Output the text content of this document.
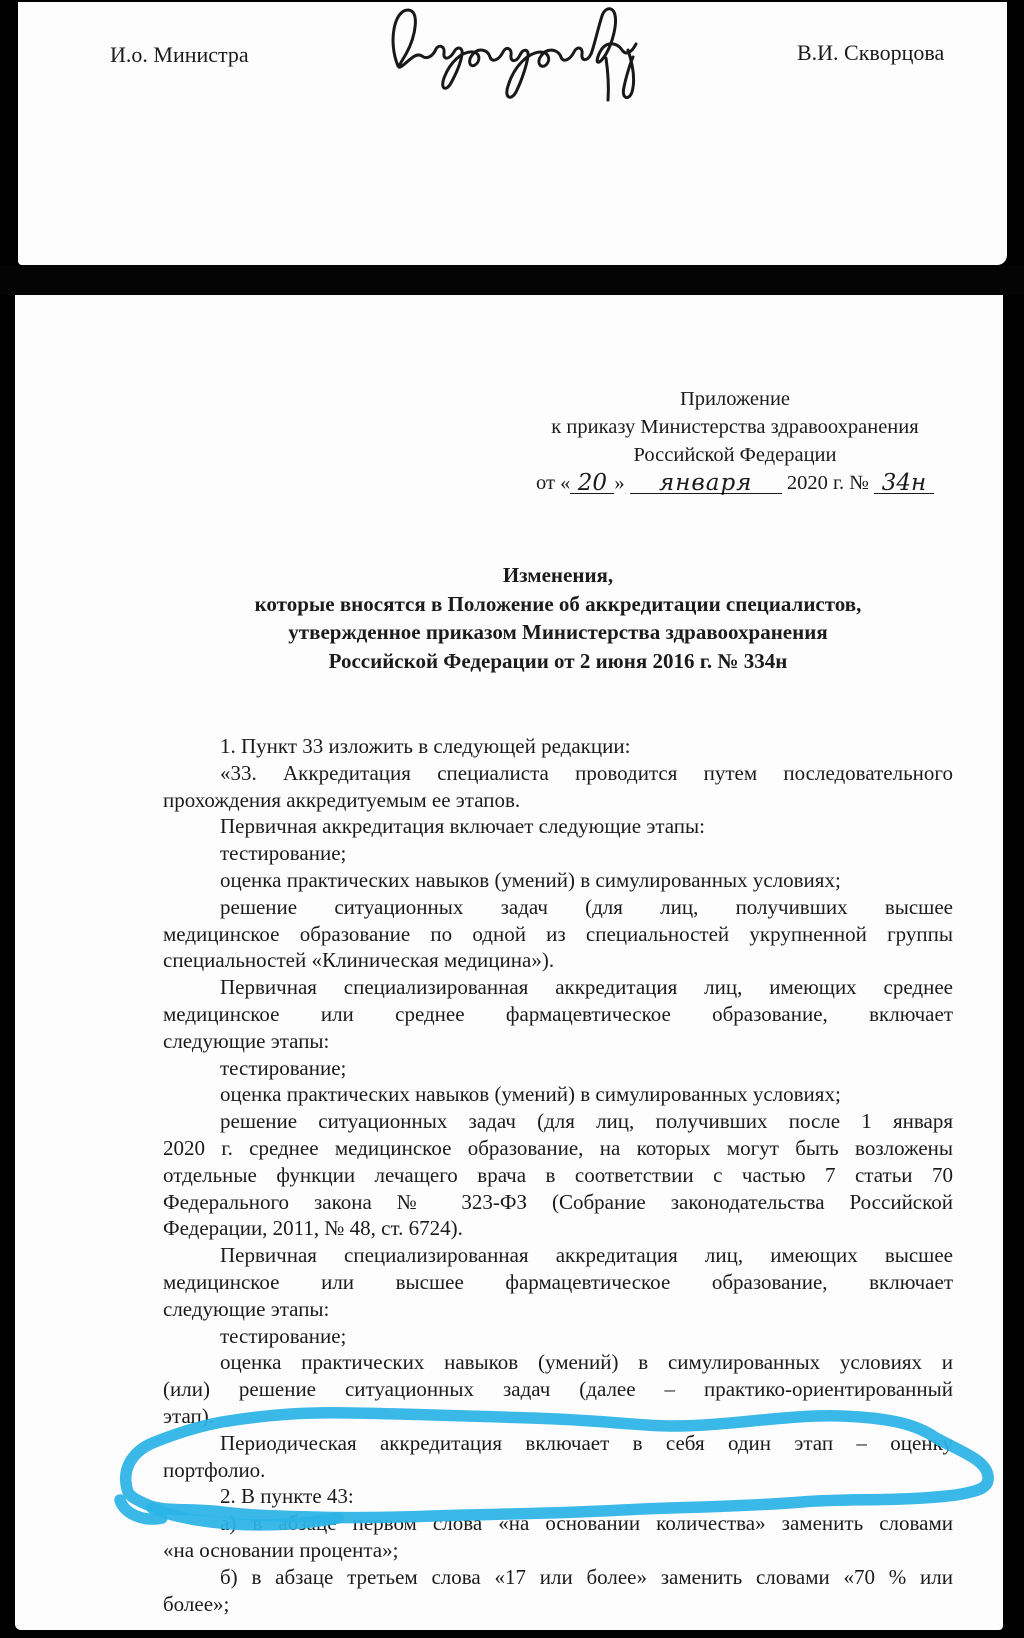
И.о. Министра	В.И. Скворцова
Приложение
к приказу Министерства здравоохранения
Российской Федерации
от « 20 » января 2020 г. № 34н
Изменения,
которые вносятся в Положение об аккредитации специалистов,
утвержденное приказом Министерства здравоохранения
Российской Федерации от 2 июня 2016 г. № 334н
1. Пункт 33 изложить в следующей редакции:
«33. Аккредитация специалиста проводится путем последовательного
прохождения аккредитуемым ее этапов.
Первичная аккредитация включает следующие этапы:
тестирование;
оценка практических навыков (умений) в симулированных условиях;
решение ситуационных задач (для лиц, получивших высшее
медицинское образование по одной из специальностей укрупненной группы
специальностей «Клиническая медицина»).
Первичная специализированная аккредитация лиц, имеющих среднее
медицинское или среднее фармацевтическое образование, включает
следующие этапы:
тестирование;
оценка практических навыков (умений) в симулированных условиях;
решение ситуационных задач (для лиц, получивших после 1 января
2020 г. среднее медицинское образование, на которых могут быть возложены
отдельные функции лечащего врача в соответствии с частью 7 статьи 70
Федерального закона № 323-ФЗ (Собрание законодательства Российской
Федерации, 2011, № 48, ст. 6724).
Первичная специализированная аккредитация лиц, имеющих высшее
медицинское или высшее фармацевтическое образование, включает
следующие этапы:
тестирование;
оценка практических навыков (умений) в симулированных условиях и
(или) решение ситуационных задач (далее – практико-ориентированный
этап).
Периодическая аккредитация включает в себя один этап – оценку
портфолио.
2. В пункте 43:
а) в абзаце первом слова «на основании количества» заменить словами
«на основании процента»;
б) в абзаце третьем слова «17 или более» заменить словами «70 % или
более»;
